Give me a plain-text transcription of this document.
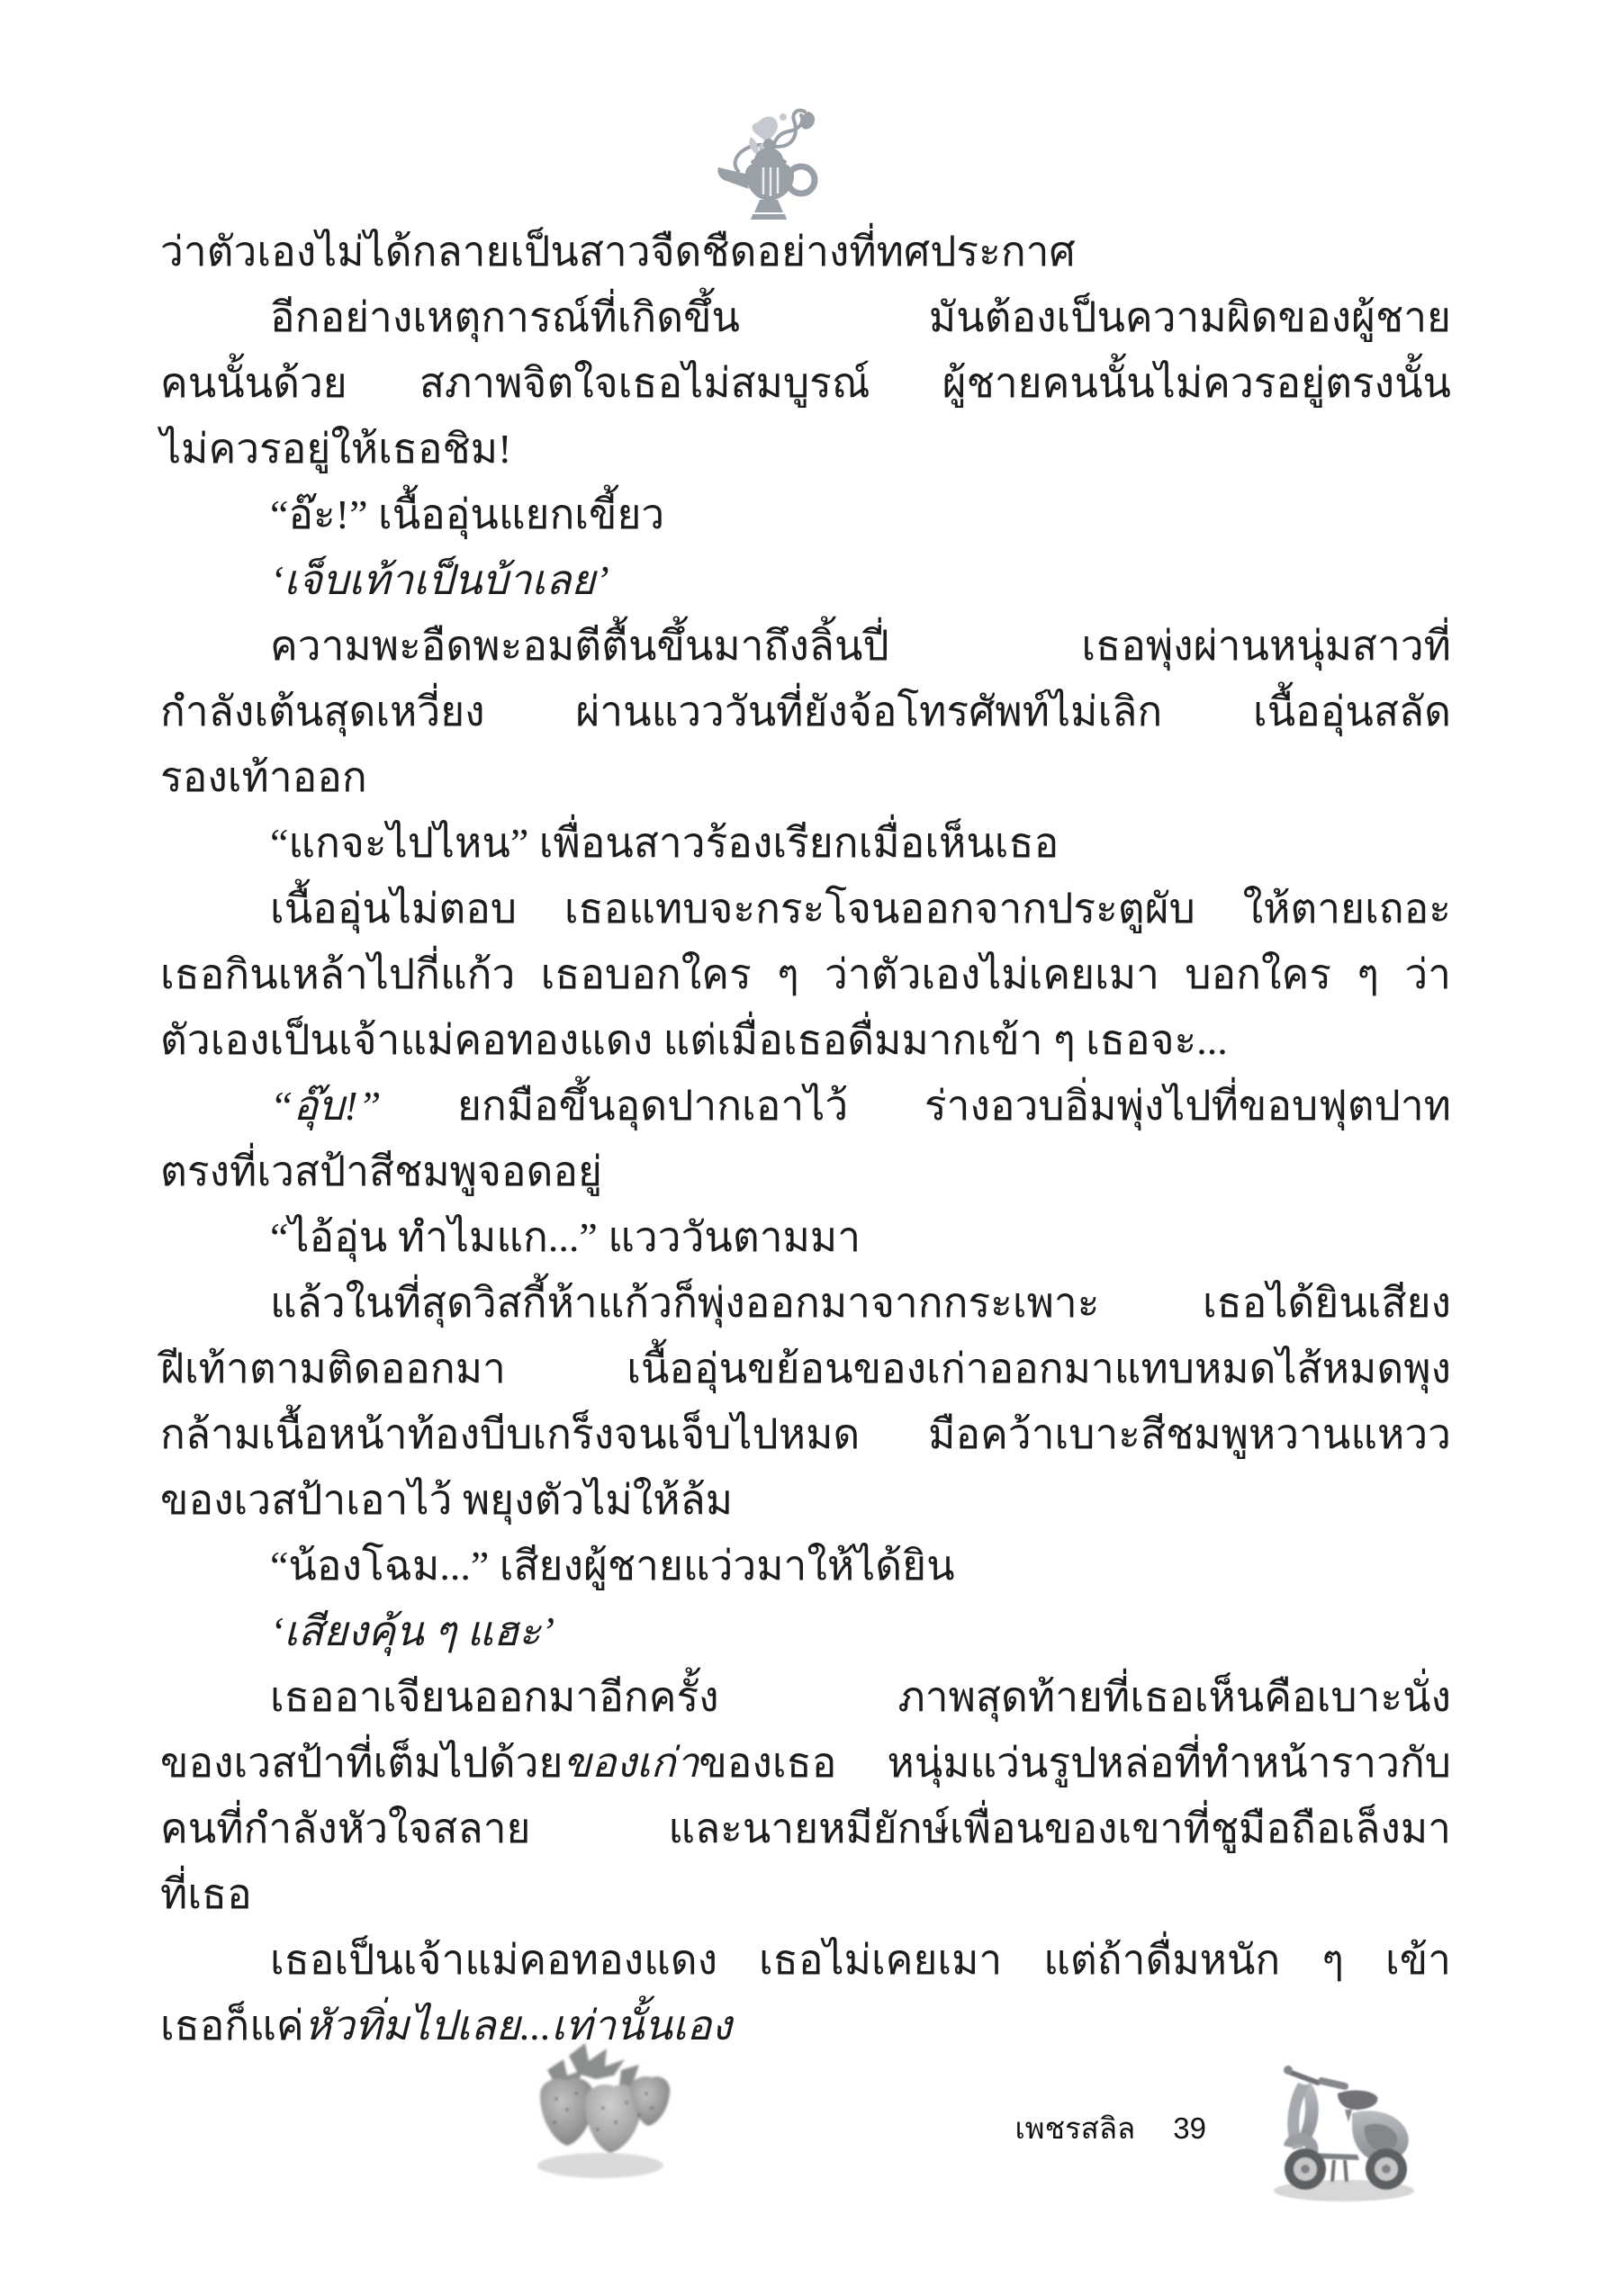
ว่าตัวเองไม่ได้กลายเป็นสาวจืดชืดอย่างที่ทศประกาศ
อีกอย่างเหตุการณ์ที่เกิดขึ้น มันต้องเป็นความผิดของผู้ชาย
คนนั้นด้วย สภาพจิตใจเธอไม่สมบูรณ์ ผู้ชายคนนั้นไม่ควรอยู่ตรงนั้น
ไม่ควรอยู่ให้เธอชิม!
“อ๊ะ!” เนื้ออุ่นแยกเขี้ยว
‘เจ็บเท้าเป็นบ้าเลย’
ความพะอืดพะอมตีตื้นขึ้นมาถึงลิ้นปี่ เธอพุ่งผ่านหนุ่มสาวที่
กำลังเต้นสุดเหวี่ยง ผ่านแวววันที่ยังจ้อโทรศัพท์ไม่เลิก เนื้ออุ่นสลัด
รองเท้าออก
“แกจะไปไหน” เพื่อนสาวร้องเรียกเมื่อเห็นเธอ
เนื้ออุ่นไม่ตอบ เธอแทบจะกระโจนออกจากประตูผับ ให้ตายเถอะ
เธอกินเหล้าไปกี่แก้ว เธอบอกใคร ๆ ว่าตัวเองไม่เคยเมา บอกใคร ๆ ว่า
ตัวเองเป็นเจ้าแม่คอทองแดง แต่เมื่อเธอดื่มมากเข้า ๆ เธอจะ...
“อุ๊บ!” ยกมือขึ้นอุดปากเอาไว้ ร่างอวบอิ่มพุ่งไปที่ขอบฟุตปาท
ตรงที่เวสป้าสีชมพูจอดอยู่
“ไอ้อุ่น ทำไมแก...” แวววันตามมา
แล้วในที่สุดวิสกี้ห้าแก้วก็พุ่งออกมาจากกระเพาะ เธอได้ยินเสียง
ฝีเท้าตามติดออกมา เนื้ออุ่นขย้อนของเก่าออกมาแทบหมดไส้หมดพุง
กล้ามเนื้อหน้าท้องบีบเกร็งจนเจ็บไปหมด มือคว้าเบาะสีชมพูหวานแหวว
ของเวสป้าเอาไว้ พยุงตัวไม่ให้ล้ม
“น้องโฉม...” เสียงผู้ชายแว่วมาให้ได้ยิน
‘เสียงคุ้น ๆ แฮะ’
เธออาเจียนออกมาอีกครั้ง ภาพสุดท้ายที่เธอเห็นคือเบาะนั่ง
ของเวสป้าที่เต็มไปด้วยของเก่าของเธอ หนุ่มแว่นรูปหล่อที่ทำหน้าราวกับ
คนที่กำลังหัวใจสลาย และนายหมียักษ์เพื่อนของเขาที่ชูมือถือเล็งมา
ที่เธอ
เธอเป็นเจ้าแม่คอทองแดง เธอไม่เคยเมา แต่ถ้าดื่มหนัก ๆ เข้า
เธอก็แค่หัวทิ่มไปเลย...เท่านั้นเอง
เพชรสลิล 39
